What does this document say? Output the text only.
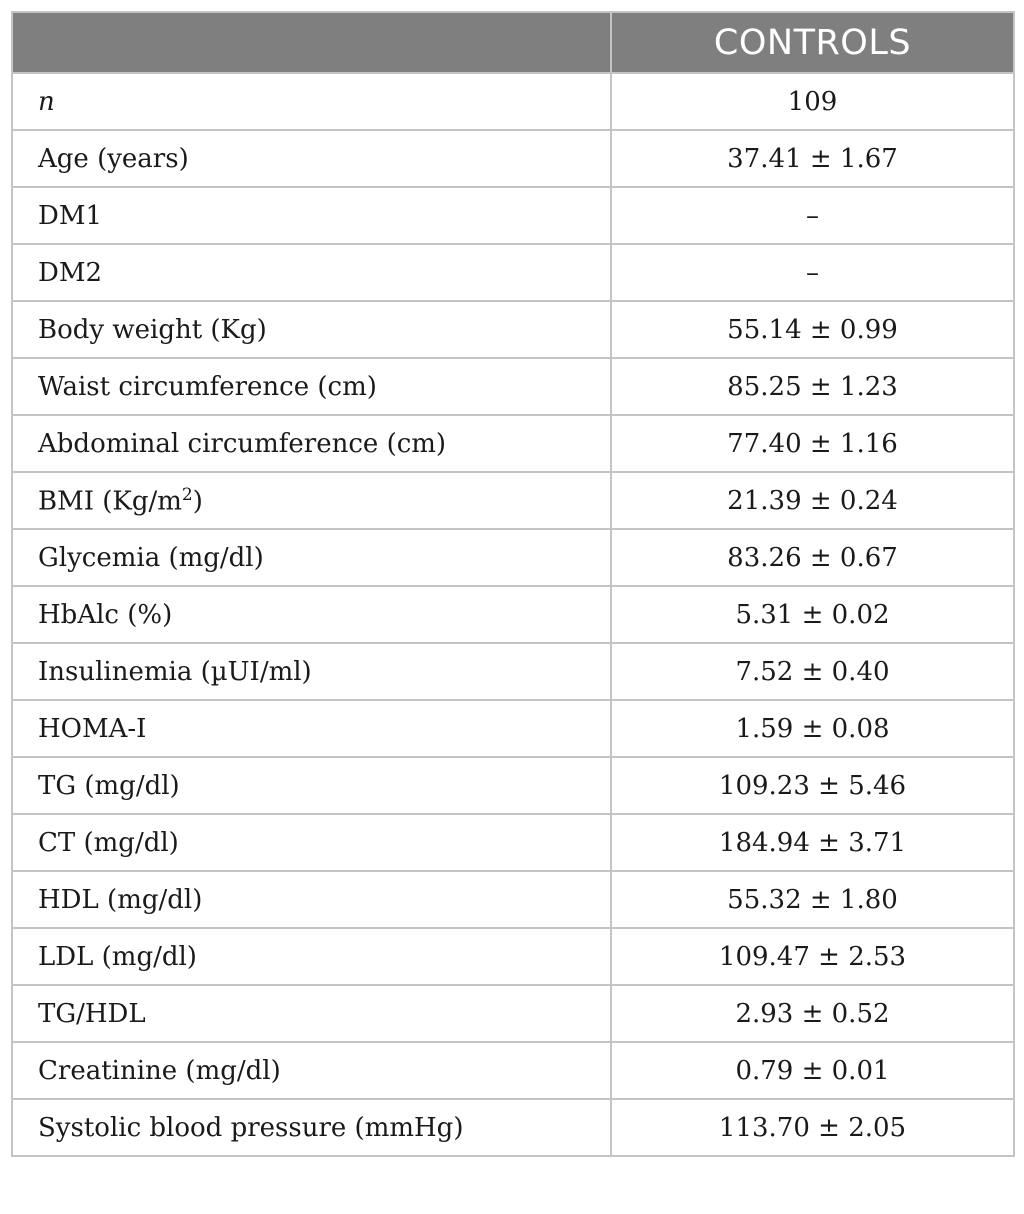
	CONTROLS
n	109
Age (years)	37.41 ± 1.67
DM1	–
DM2	–
Body weight (Kg)	55.14 ± 0.99
Waist circumference (cm)	85.25 ± 1.23
Abdominal circumference (cm)	77.40 ± 1.16
BMI $(Kg/m^2)$	21.39 ± 0.24
Glycemia (mg/dl)	83.26 ± 0.67
HbAlc (%)	5.31 ± 0.02
Insulinemia (µUI/ml)	7.52 ± 0.40
HOMA-I	1.59 ± 0.08
TG (mg/dl)	109.23 ± 5.46
CT (mg/dl)	184.94 ± 3.71
HDL (mg/dl)	55.32 ± 1.80
LDL (mg/dl)	109.47 ± 2.53
TG/HDL	2.93 ± 0.52
Creatinine (mg/dl)	0.79 ± 0.01
Systolic blood pressure (mmHg)	113.70 ± 2.05
